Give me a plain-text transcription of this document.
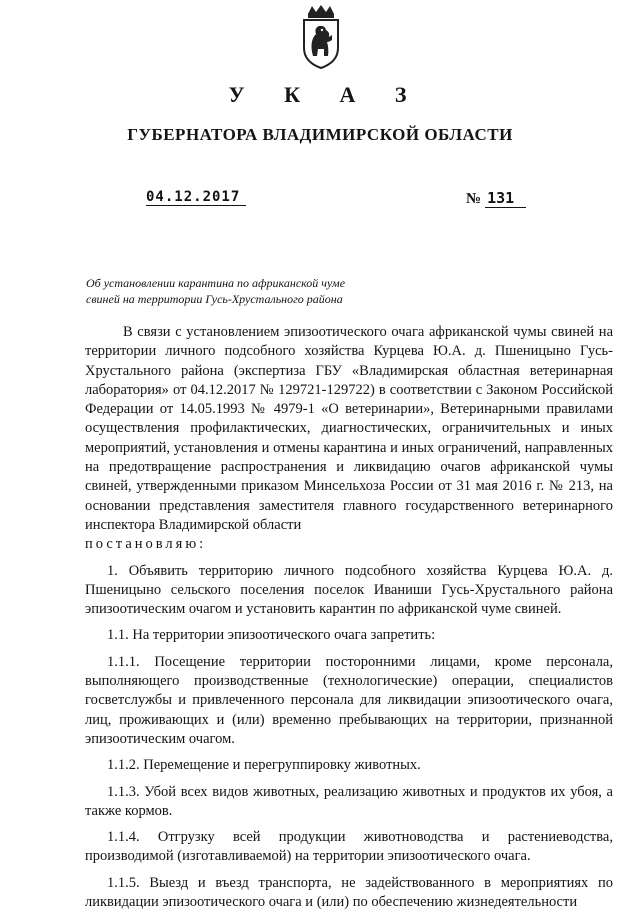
У К А З
ГУБЕРНАТОРА ВЛАДИМИРСКОЙ ОБЛАСТИ
04.12.2017	№ 131
Об установлении карантина по африканской чуме
свиней на территории Гусь-Хрустального района

В связи с установлением эпизоотического очага африканской чумы свиней на территории личного подсобного хозяйства Курцева Ю.А. д. Пшеницыно Гусь-Хрустального района (экспертиза ГБУ «Владимирская областная ветеринарная лаборатория» от 04.12.2017 № 129721-129722) в соответствии с Законом Российской Федерации от 14.05.1993 № 4979-1 «О ветеринарии», Ветеринарными правилами осуществления профилактических, диагностических, ограничительных и иных мероприятий, установления и отмены карантина и иных ограничений, направленных на предотвращение распространения и ликвидацию очагов африканской чумы свиней, утвержденными приказом Минсельхоза России от 31 мая 2016 г. № 213, на основании представления заместителя главного государственного ветеринарного инспектора Владимирской области

постановляю:

1. Объявить территорию личного подсобного хозяйства Курцева Ю.А. д. Пшеницыно сельского поселения поселок Иваниши Гусь-Хрустального района эпизоотическим очагом и установить карантин по африканской чуме свиней.

1.1. На территории эпизоотического очага запретить:

1.1.1. Посещение территории посторонними лицами, кроме персонала, выполняющего производственные (технологические) операции, специалистов госветслужбы и привлеченного персонала для ликвидации эпизоотического очага, лиц, проживающих и (или) временно пребывающих на территории, признанной эпизоотическим очагом.

1.1.2. Перемещение и перегруппировку животных.

1.1.3. Убой всех видов животных, реализацию животных и продуктов их убоя, а также кормов.

1.1.4. Отгрузку всей продукции животноводства и растениеводства, производимой (изготавливаемой) на территории эпизоотического очага.

1.1.5. Выезд и въезд транспорта, не задействованного в мероприятиях по ликвидации эпизоотического очага и (или) по обеспечению жизнедеятельности
